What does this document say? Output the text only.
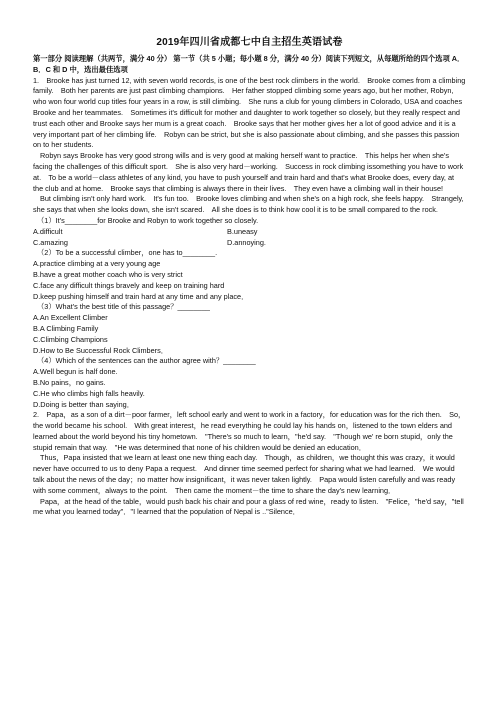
2019年四川省成都七中自主招生英语试卷

第一部分 阅读理解（共两节，满分 40 分） 第一节（共 5 小题；每小题 8 分，满分 40 分）阅读下列短文，从每题所给的四个选项 A．B．C 和 D 中，选出最佳选项

1.　Brooke has just turned 12, with seven world records, is one of the best rock climbers in the world.　Brooke comes from a climbing family.　Both her parents are just past climbing champions.　Her father stopped climbing some years ago, but her mother, Robyn, who won four world cup titles four years in a row, is still climbing.　She runs a club for young climbers in Colorado, USA and coaches Brooke and her teammates.　Sometimes it's difficult for mother and daughter to work together so closely, but they really respect and trust each other and Brooke says her mum is a great coach.　Brooke says that her mother gives her a lot of good advice and it is a very important part of her climbing life.　Robyn can be strict, but she is also passionate about climbing, and she passes this passion on to her students.

Robyn says Brooke has very good strong wills and is very good at making herself want to practice.　This helps her when she's facing the challenges of this difficult sport.　She is also very hard－working.　Success in rock climbing issomething you have to work at.　To be a world－class athletes of any kind, you have to push yourself and train hard and that's what Brooke does, every day, at the club and at home.　Brooke says that climbing is always there in their lives.　They even have a climbing wall in their house!

But climbing isn't only hard work.　It's fun too.　Brooke loves climbing and when she's on a high rock, she feels happy.　Strangely, she says that when she looks down, she isn't scared.　All she does is to think how cool it is to be small compared to the rock.

（1）It's________for Brooke and Robyn to work together so closely.

A.difficult	B.uneasy
C.amazing	D.annoying.

（2）To be a successful climber，one has to________.

A.practice climbing at a very young age

B.have a great mother coach who is very strict

C.face any difficult things bravely and keep on training hard

D.keep pushing himself and train hard at any time and any place．

（3）What's the best title of this passage？________

A.An Excellent Climber

B.A Climbing Family

C.Climbing Champions

D.How to Be Successful Rock Climbers．

（4）Which of the sentences can the author agree with？________

A.Well begun is half done.

B.No pains，no gains.

C.He who climbs high falls heavily.

D.Doing is better than saying．

2.　Papa，as a son of a dirt－poor farmer，left school early and went to work in a factory，for education was for the rich then.　So，the world became his school.　With great interest，he read everything he could lay his hands on，listened to the town elders and learned about the world beyond his tiny hometown.　"There's so much to learn，"he'd say.　"Though we' re born stupid，only the stupid remain that way.　"He was determined that none of his children would be denied an education．

Thus，Papa insisted that we learn at least one new thing each day.　Though，as children，we thought this was crazy，it would never have occurred to us to deny Papa a request.　And dinner time seemed perfect for sharing what we had learned.　We would talk about the news of the day；no matter how insignificant，it was never taken lightly.　Papa would listen carefully and was ready with some comment，always to the point.　Then came the moment－the time to share the day's new learning．

Papa，at the head of the table，would push back his chair and pour a glass of red wine，ready to listen.　"Felice，"he'd say，"tell me what you learned today"．"I learned that the population of Nepal is .."Silence．
